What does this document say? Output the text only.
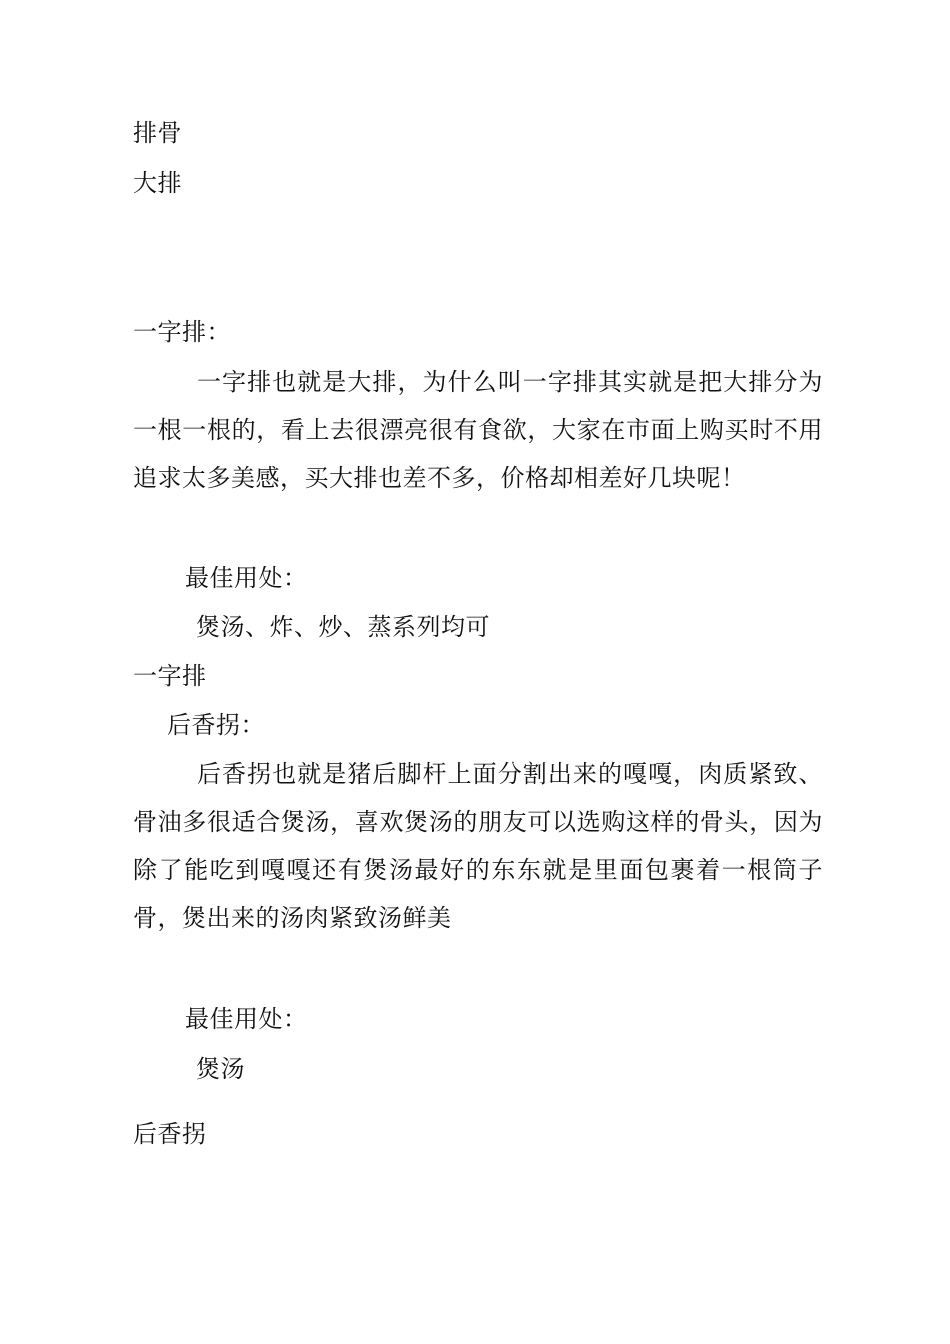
排骨
大排
一字排：
一字排也就是大排，为什么叫一字排其实就是把大排分为一根一根的，看上去很漂亮很有食欲，大家在市面上购买时不用追求太多美感，买大排也差不多，价格却相差好几块呢！
最佳用处：
煲汤、炸、炒、蒸系列均可
一字排
后香拐：
后香拐也就是猪后脚杆上面分割出来的嘎嘎，肉质紧致、骨油多很适合煲汤，喜欢煲汤的朋友可以选购这样的骨头，因为除了能吃到嘎嘎还有煲汤最好的东东就是里面包裹着一根筒子骨，煲出来的汤肉紧致汤鲜美
最佳用处：
煲汤
后香拐
